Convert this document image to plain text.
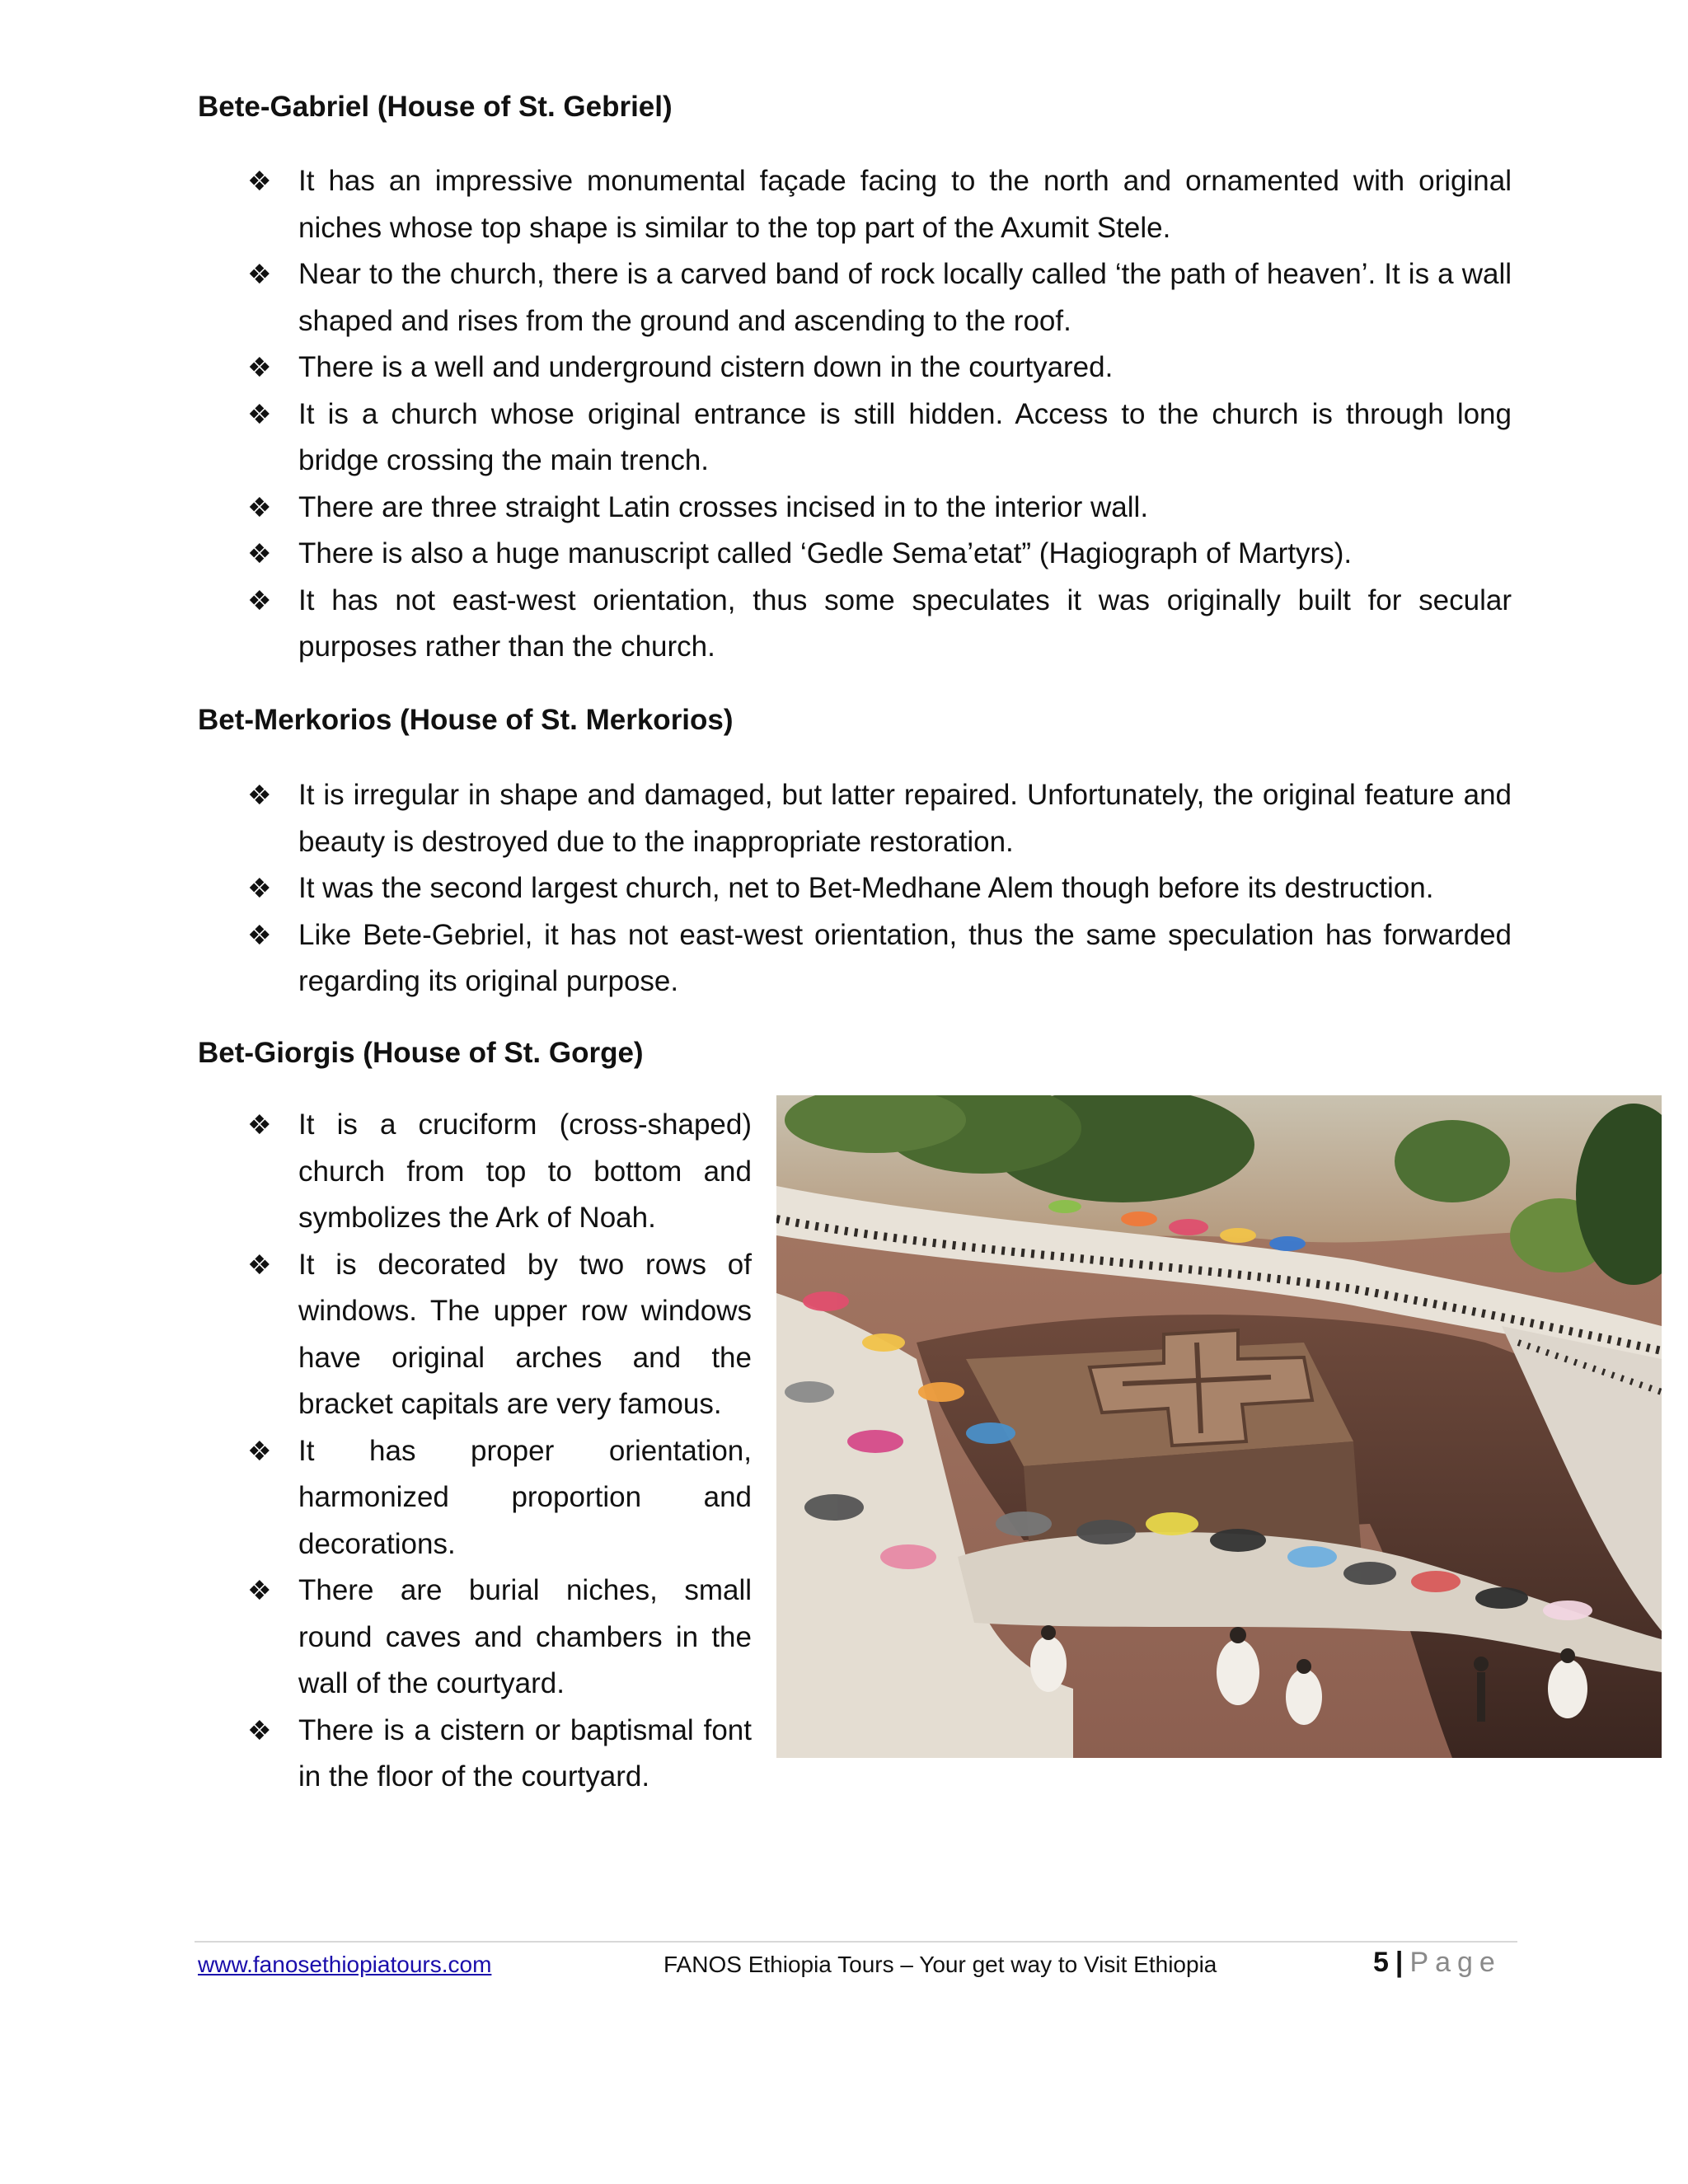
Bete-Gabriel (House of St. Gebriel)
❖ It has an impressive monumental façade facing to the north and ornamented with original niches whose top shape is similar to the top part of the Axumit Stele.
❖ Near to the church, there is a carved band of rock locally called ‘the path of heaven’. It is a wall shaped and rises from the ground and ascending to the roof.
❖ There is a well and underground cistern down in the courtyared.
❖ It is a church whose original entrance is still hidden. Access to the church is through long bridge crossing the main trench.
❖ There are three straight Latin crosses incised in to the interior wall.
❖ There is also a huge manuscript called ‘Gedle Sema’etat” (Hagiograph of Martyrs).
❖ It has not east-west orientation, thus some speculates it was originally built for secular purposes rather than the church.
Bet-Merkorios (House of St. Merkorios)
❖ It is irregular in shape and damaged, but latter repaired. Unfortunately, the original feature and beauty is destroyed due to the inappropriate restoration.
❖ It was the second largest church, net to Bet-Medhane Alem though before its destruction.
❖ Like Bete-Gebriel, it has not east-west orientation, thus the same speculation has forwarded regarding its original purpose.
Bet-Giorgis (House of St. Gorge)
❖ It is a cruciform (cross-shaped) church from top to bottom and symbolizes the Ark of Noah.
❖ It is decorated by two rows of windows. The upper row windows have original arches and the bracket capitals are very famous.
❖ It has proper orientation, harmonized proportion and decorations.
❖ There are burial niches, small round caves and chambers in the wall of the courtyard.
❖ There is a cistern or baptismal font in the floor of the courtyard.
www.fanosethiopiatours.com	FANOS Ethiopia Tours – Your get way to Visit Ethiopia	5 | Page
